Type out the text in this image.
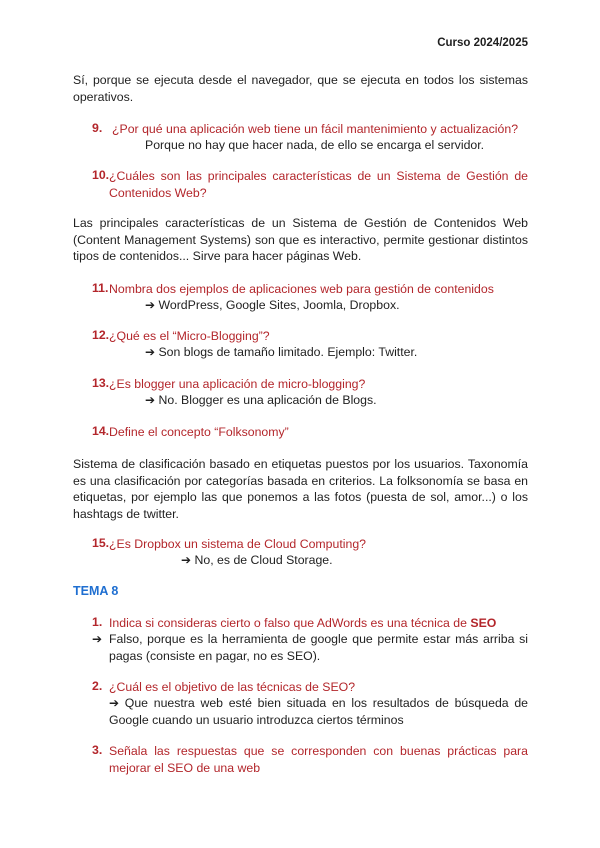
Curso 2024/2025
Sí, porque se ejecuta desde el navegador, que se ejecuta en todos los sistemas operativos.
9. ¿Por qué una aplicación web tiene un fácil mantenimiento y actualización?
Porque no hay que hacer nada, de ello se encarga el servidor.
10. ¿Cuáles son las principales características de un Sistema de Gestión de Contenidos Web?
Las principales características de un Sistema de Gestión de Contenidos Web (Content Management Systems) son que es interactivo, permite gestionar distintos tipos de contenidos... Sirve para hacer páginas Web.
11. Nombra dos ejemplos de aplicaciones web para gestión de contenidos
➔ WordPress, Google Sites, Joomla, Dropbox.
12. ¿Qué es el “Micro-Blogging”?
➔ Son blogs de tamaño limitado. Ejemplo: Twitter.
13. ¿Es blogger una aplicación de micro-blogging?
➔ No. Blogger es una aplicación de Blogs.
14. Define el concepto “Folksonomy”
Sistema de clasificación basado en etiquetas puestos por los usuarios. Taxonomía es una clasificación por categorías basada en criterios. La folksonomía se basa en etiquetas, por ejemplo las que ponemos a las fotos (puesta de sol, amor...) o los hashtags de twitter.
15. ¿Es Dropbox un sistema de Cloud Computing?
➔ No, es de Cloud Storage.
TEMA 8
1. Indica si consideras cierto o falso que AdWords es una técnica de SEO
➔ Falso, porque es la herramienta de google que permite estar más arriba si pagas (consiste en pagar, no es SEO).
2. ¿Cuál es el objetivo de las técnicas de SEO?
➔ Que nuestra web esté bien situada en los resultados de búsqueda de Google cuando un usuario introduzca ciertos términos
3. Señala las respuestas que se corresponden con buenas prácticas para mejorar el SEO de una web
